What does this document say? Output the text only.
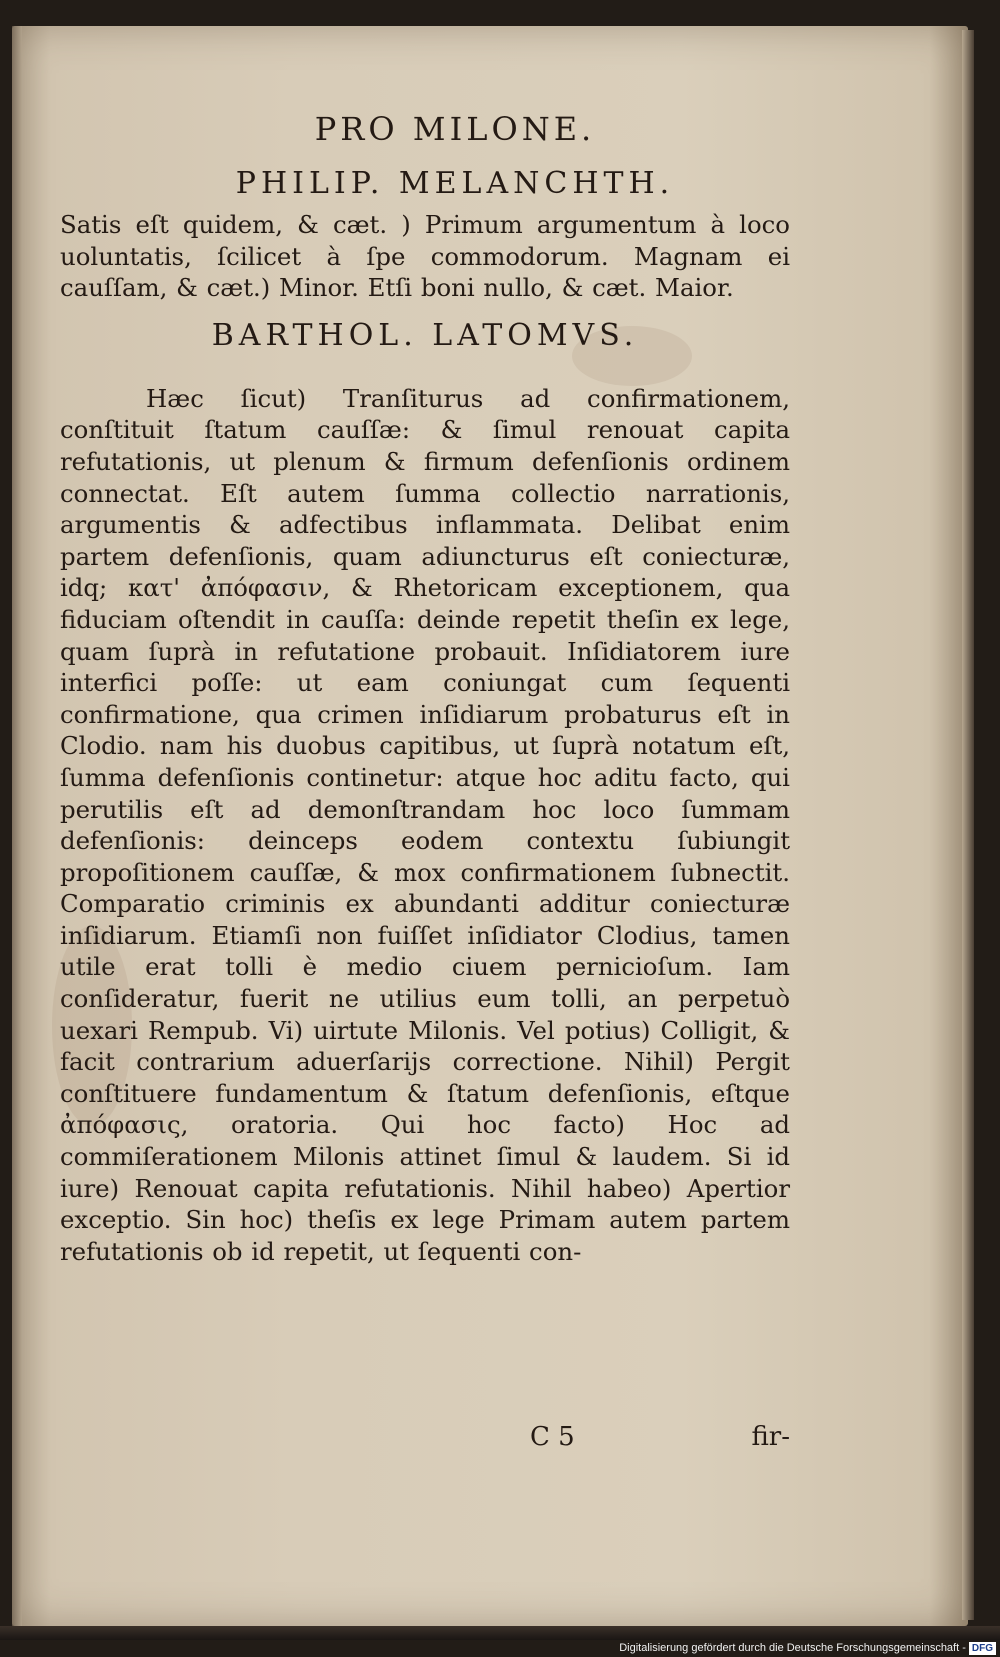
PRO MILONE.
PHILIP. MELANCHTH.

Satis eſt quidem, & cæt. ) Primum argumentum à loco uoluntatis, ſcilicet à ſpe commodorum. Magnam ei cauſſam, & cæt.) Minor. Etſi boni nullo, & cæt. Maior.

BARTHOL. LATOMVS.

Hæc ſicut) Tranſiturus ad confirmationem, conſtituit ſtatum cauſſæ: & ſimul renouat capita refutationis, ut plenum & firmum defenſionis ordinem connectat. Eſt autem ſumma collectio narrationis, argumentis & adfectibus inflammata. Delibat enim partem defenſionis, quam adiuncturus eſt coniecturæ, idq; κατ' ἀπόφασιν, & Rhetoricam exceptionem, qua fiduciam oſtendit in cauſſa: deinde repetit theſin ex lege, quam ſuprà in refutatione probauit. Inſidiatorem iure interfici poſſe: ut eam coniungat cum ſequenti confirmatione, qua crimen inſidiarum probaturus eſt in Clodio. nam his duobus capitibus, ut ſuprà notatum eſt, ſumma defenſionis continetur: atque hoc aditu facto, qui perutilis eſt ad demonſtrandam hoc loco ſummam defenſionis: deinceps eodem contextu ſubiungit propoſitionem cauſſæ, & mox confirmationem ſubnectit. Comparatio criminis ex abundanti additur coniecturæ inſidiarum. Etiamſi non fuiſſet inſidiator Clodius, tamen utile erat tolli è medio ciuem pernicioſum. Iam conſideratur, fuerit ne utilius eum tolli, an perpetuò uexari Rempub. Vi) uirtute Milonis. Vel potius) Colligit, & facit contrarium aduerſarijs correctione. Nihil) Pergit conſtituere fundamentum & ſtatum defenſionis, eſtque ἀπόφασις, oratoria. Qui hoc facto) Hoc ad commiſerationem Milonis attinet ſimul & laudem. Si id iure) Renouat capita refutationis. Nihil habeo) Apertior exceptio. Sin hoc) theſis ex lege Primam autem partem refutationis ob id repetit, ut ſequenti con-

C 5	fir-
Digitalisierung gefördert durch die Deutsche Forschungsgemeinschaft - DFG
